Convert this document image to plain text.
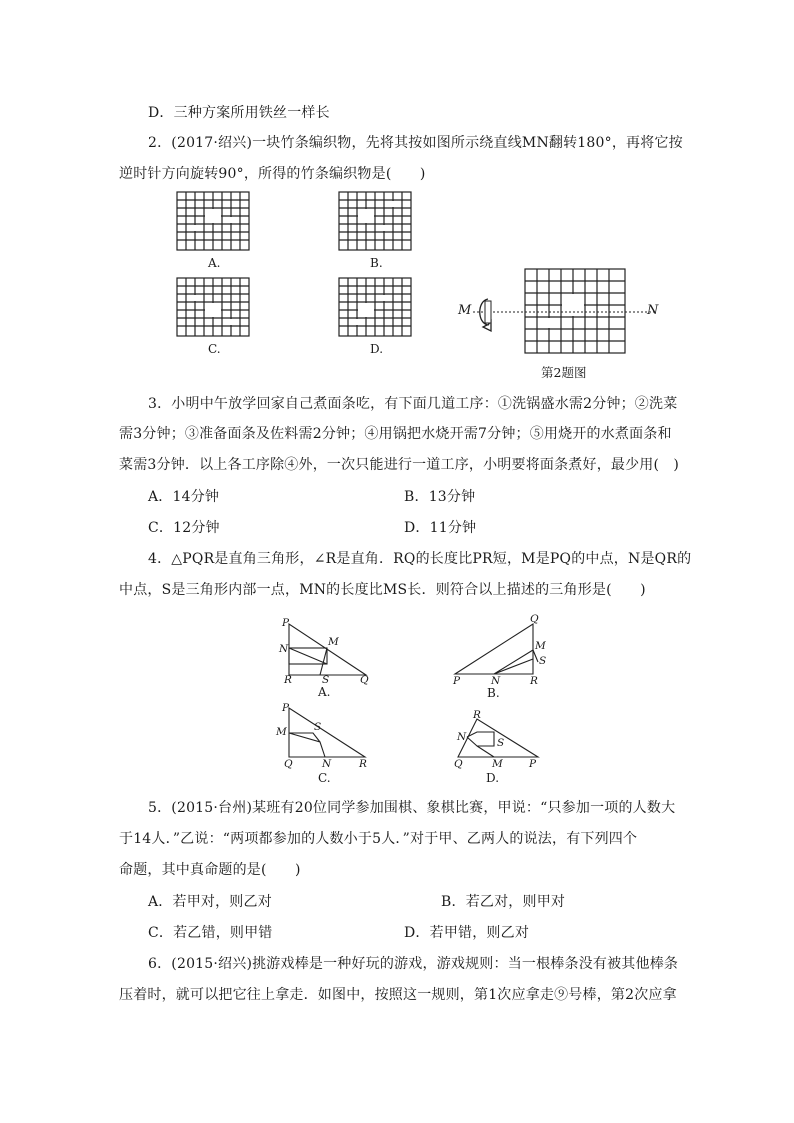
D．三种方案所用铁丝一样长
2．(2017·绍兴)一块竹条编织物，先将其按如图所示绕直线MN翻转180°，再将它按
逆时针方向旋转90°，所得的竹条编织物是(　　)
A.	B.
C.	D.
M	N
第2题图
3．小明中午放学回家自己煮面条吃，有下面几道工序：①洗锅盛水需2分钟；②洗菜
需3分钟；③准备面条及佐料需2分钟；④用锅把水烧开需7分钟；⑤用烧开的水煮面条和
菜需3分钟．以上各工序除④外，一次只能进行一道工序，小明要将面条煮好，最少用(　)
A．14分钟	B．13分钟
C．12分钟	D．11分钟
4．△PQR是直角三角形，∠R是直角．RQ的长度比PR短，M是PQ的中点，N是QR的
中点，S是三角形内部一点，MN的长度比MS长．则符合以上描述的三角形是(　　)
P
N
M
R	S	Q
A.
Q
M
S
P	N	R
B.
P
M	S
Q	N	R
C.
R
N	S
Q	M P
D.
5．(2015·台州)某班有20位同学参加围棋、象棋比赛，甲说：“只参加一项的人数大
于14人．”乙说：“两项都参加的人数小于5人．”对于甲、乙两人的说法，有下列四个
命题，其中真命题的是(　　)
A．若甲对，则乙对	B．若乙对，则甲对
C．若乙错，则甲错	D．若甲错，则乙对
6．(2015·绍兴)挑游戏棒是一种好玩的游戏，游戏规则：当一根棒条没有被其他棒条
压着时，就可以把它往上拿走．如图中，按照这一规则，第1次应拿走⑨号棒，第2次应拿
